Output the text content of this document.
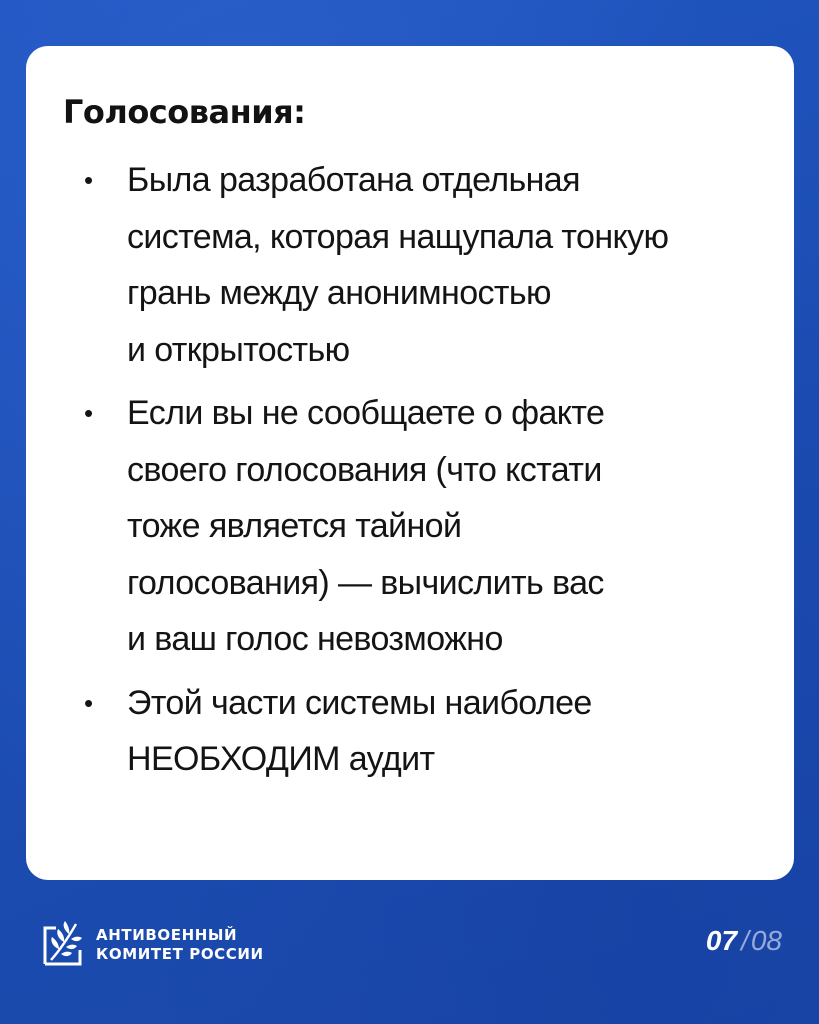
Голосования:
• Была разработана отдельная
система, которая нащупала тонкую
грань между анонимностью
и открытостью
• Если вы не сообщаете о факте
своего голосования (что кстати
тоже является тайной
голосования) — вычислить вас
и ваш голос невозможно
• Этой части системы наиболее
НЕОБХОДИМ аудит
АНТИВОЕННЫЙ
КОМИТЕТ РОССИИ	07 /08
